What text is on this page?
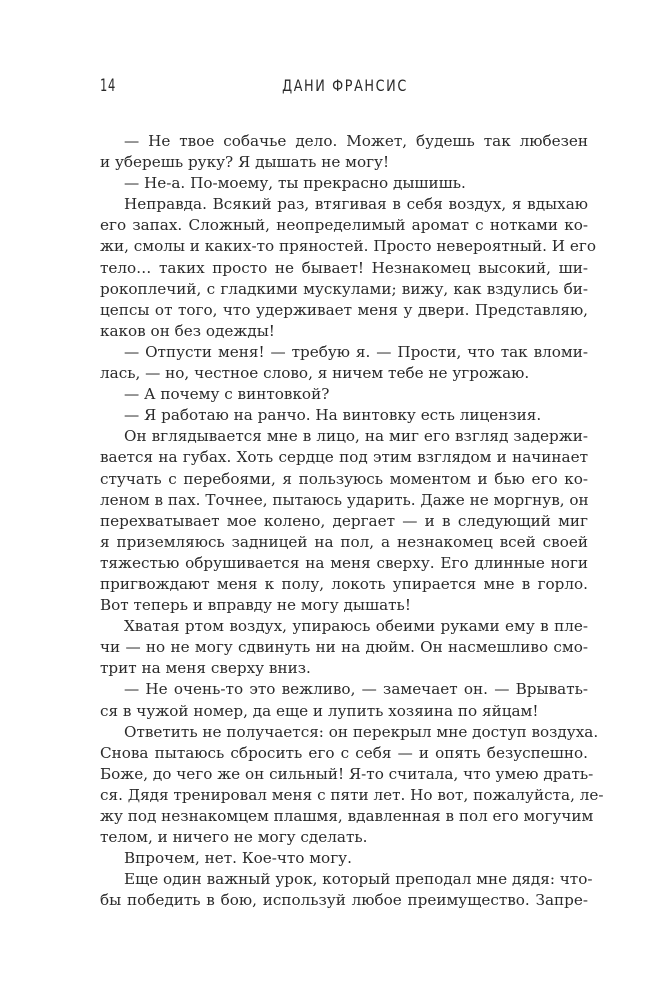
14	ДАНИ ФРАНСИС
— Не твое собачье дело. Может, будешь так любезен
и уберешь руку? Я дышать не могу!
— Не-а. По-моему, ты прекрасно дышишь.
Неправда. Всякий раз, втягивая в себя воздух, я вдыхаю
его запах. Сложный, неопределимый аромат с нотками ко-
жи, смолы и каких-то пряностей. Просто невероятный. И его
тело… таких просто не бывает! Незнакомец высокий, ши-
рокоплечий, с гладкими мускулами; вижу, как вздулись би-
цепсы от того, что удерживает меня у двери. Представляю,
каков он без одежды!
— Отпусти меня! — требую я. — Прости, что так вломи-
лась, — но, честное слово, я ничем тебе не угрожаю.
— А почему с винтовкой?
— Я работаю на ранчо. На винтовку есть лицензия.
Он вглядывается мне в лицо, на миг его взгляд задержи-
вается на губах. Хоть сердце под этим взглядом и начинает
стучать с перебоями, я пользуюсь моментом и бью его ко-
леном в пах. Точнее, пытаюсь ударить. Даже не моргнув, он
перехватывает мое колено, дергает — и в следующий миг
я приземляюсь задницей на пол, а незнакомец всей своей
тяжестью обрушивается на меня сверху. Его длинные ноги
пригвождают меня к полу, локоть упирается мне в горло.
Вот теперь и вправду не могу дышать!
Хватая ртом воздух, упираюсь обеими руками ему в пле-
чи — но не могу сдвинуть ни на дюйм. Он насмешливо смо-
трит на меня сверху вниз.
— Не очень-то это вежливо, — замечает он. — Врывать-
ся в чужой номер, да еще и лупить хозяина по яйцам!
Ответить не получается: он перекрыл мне доступ воздуха.
Снова пытаюсь сбросить его с себя — и опять безуспешно.
Боже, до чего же он сильный! Я-то считала, что умею драть-
ся. Дядя тренировал меня с пяти лет. Но вот, пожалуйста, ле-
жу под незнакомцем плашмя, вдавленная в пол его могучим
телом, и ничего не могу сделать.
Впрочем, нет. Кое-что могу.
Еще один важный урок, который преподал мне дядя: что-
бы победить в бою, используй любое преимущество. Запре-
